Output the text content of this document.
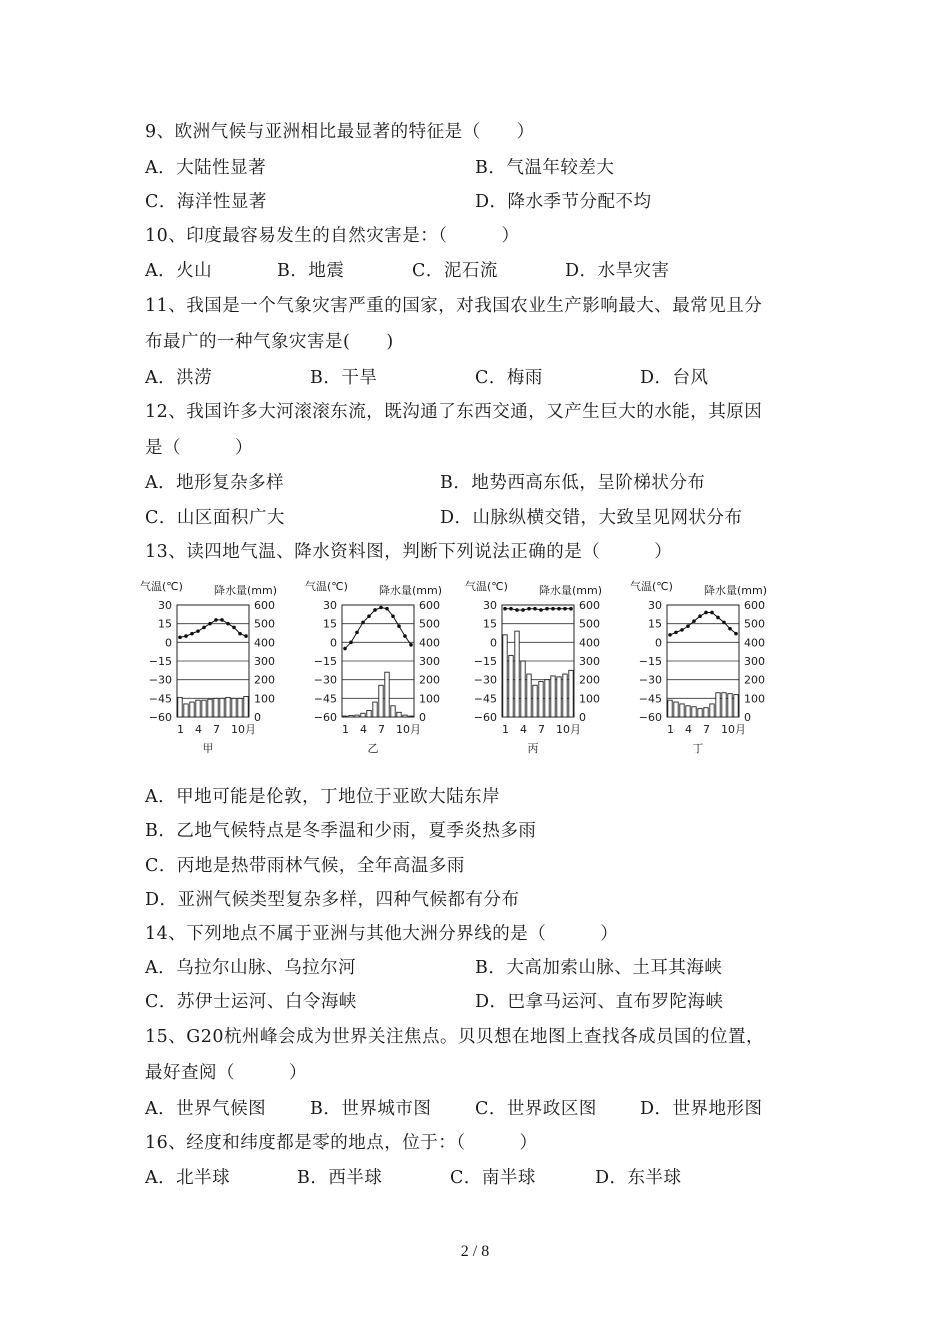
9、欧洲气候与亚洲相比最显著的特征是（　　）
A．大陆性显著	B．气温年较差大
C．海洋性显著	D．降水季节分配不均
10、印度最容易发生的自然灾害是：（　　　）
A．火山	B．地震	C．泥石流	D．水旱灾害
11、我国是一个气象灾害严重的国家，对我国农业生产影响最大、最常见且分
布最广的一种气象灾害是(　　)
A．洪涝	B．干旱	C．梅雨	D．台风
12、我国许多大河滚滚东流，既沟通了东西交通，又产生巨大的水能，其原因
是（　　　）
A．地形复杂多样	B．地势西高东低，呈阶梯状分布
C．山区面积广大	D．山脉纵横交错，大致呈见网状分布
13、读四地气温、降水资料图，判断下列说法正确的是（　　　）
气温(℃)	降水量(mm)
30	600
15	500
0	400
−15	300
−30	200
−45	100
−60	0
1 4 7 10月
甲
气温(℃)	降水量(mm)
30	600
15	500
0	400
−15	300
−30	200
−45	100
−60	0
1 4 7 10月
乙
气温(℃)	降水量(mm)
30	600
15	500
0	400
−15	300
−30	200
−45	100
−60	0
1 4 7 10月
丙
气温(℃)	降水量(mm)
30	600
15	500
0	400
−15	300
−30	200
−45	100
−60	0
1 4 7 10月
丁
A．甲地可能是伦敦，丁地位于亚欧大陆东岸
B．乙地气候特点是冬季温和少雨，夏季炎热多雨
C．丙地是热带雨林气候，全年高温多雨
D．亚洲气候类型复杂多样，四种气候都有分布
14、下列地点不属于亚洲与其他大洲分界线的是（　　　）
A．乌拉尔山脉、乌拉尔河	B．大高加索山脉、土耳其海峡
C．苏伊士运河、白令海峡	D．巴拿马运河、直布罗陀海峡
15、G20杭州峰会成为世界关注焦点。贝贝想在地图上查找各成员国的位置，
最好查阅（　　　）
A．世界气候图	B．世界城市图 C．世界政区图 D．世界地形图
16、经度和纬度都是零的地点，位于：（　　　）
A．北半球	B．西半球	C．南半球	D．东半球
2 / 8
